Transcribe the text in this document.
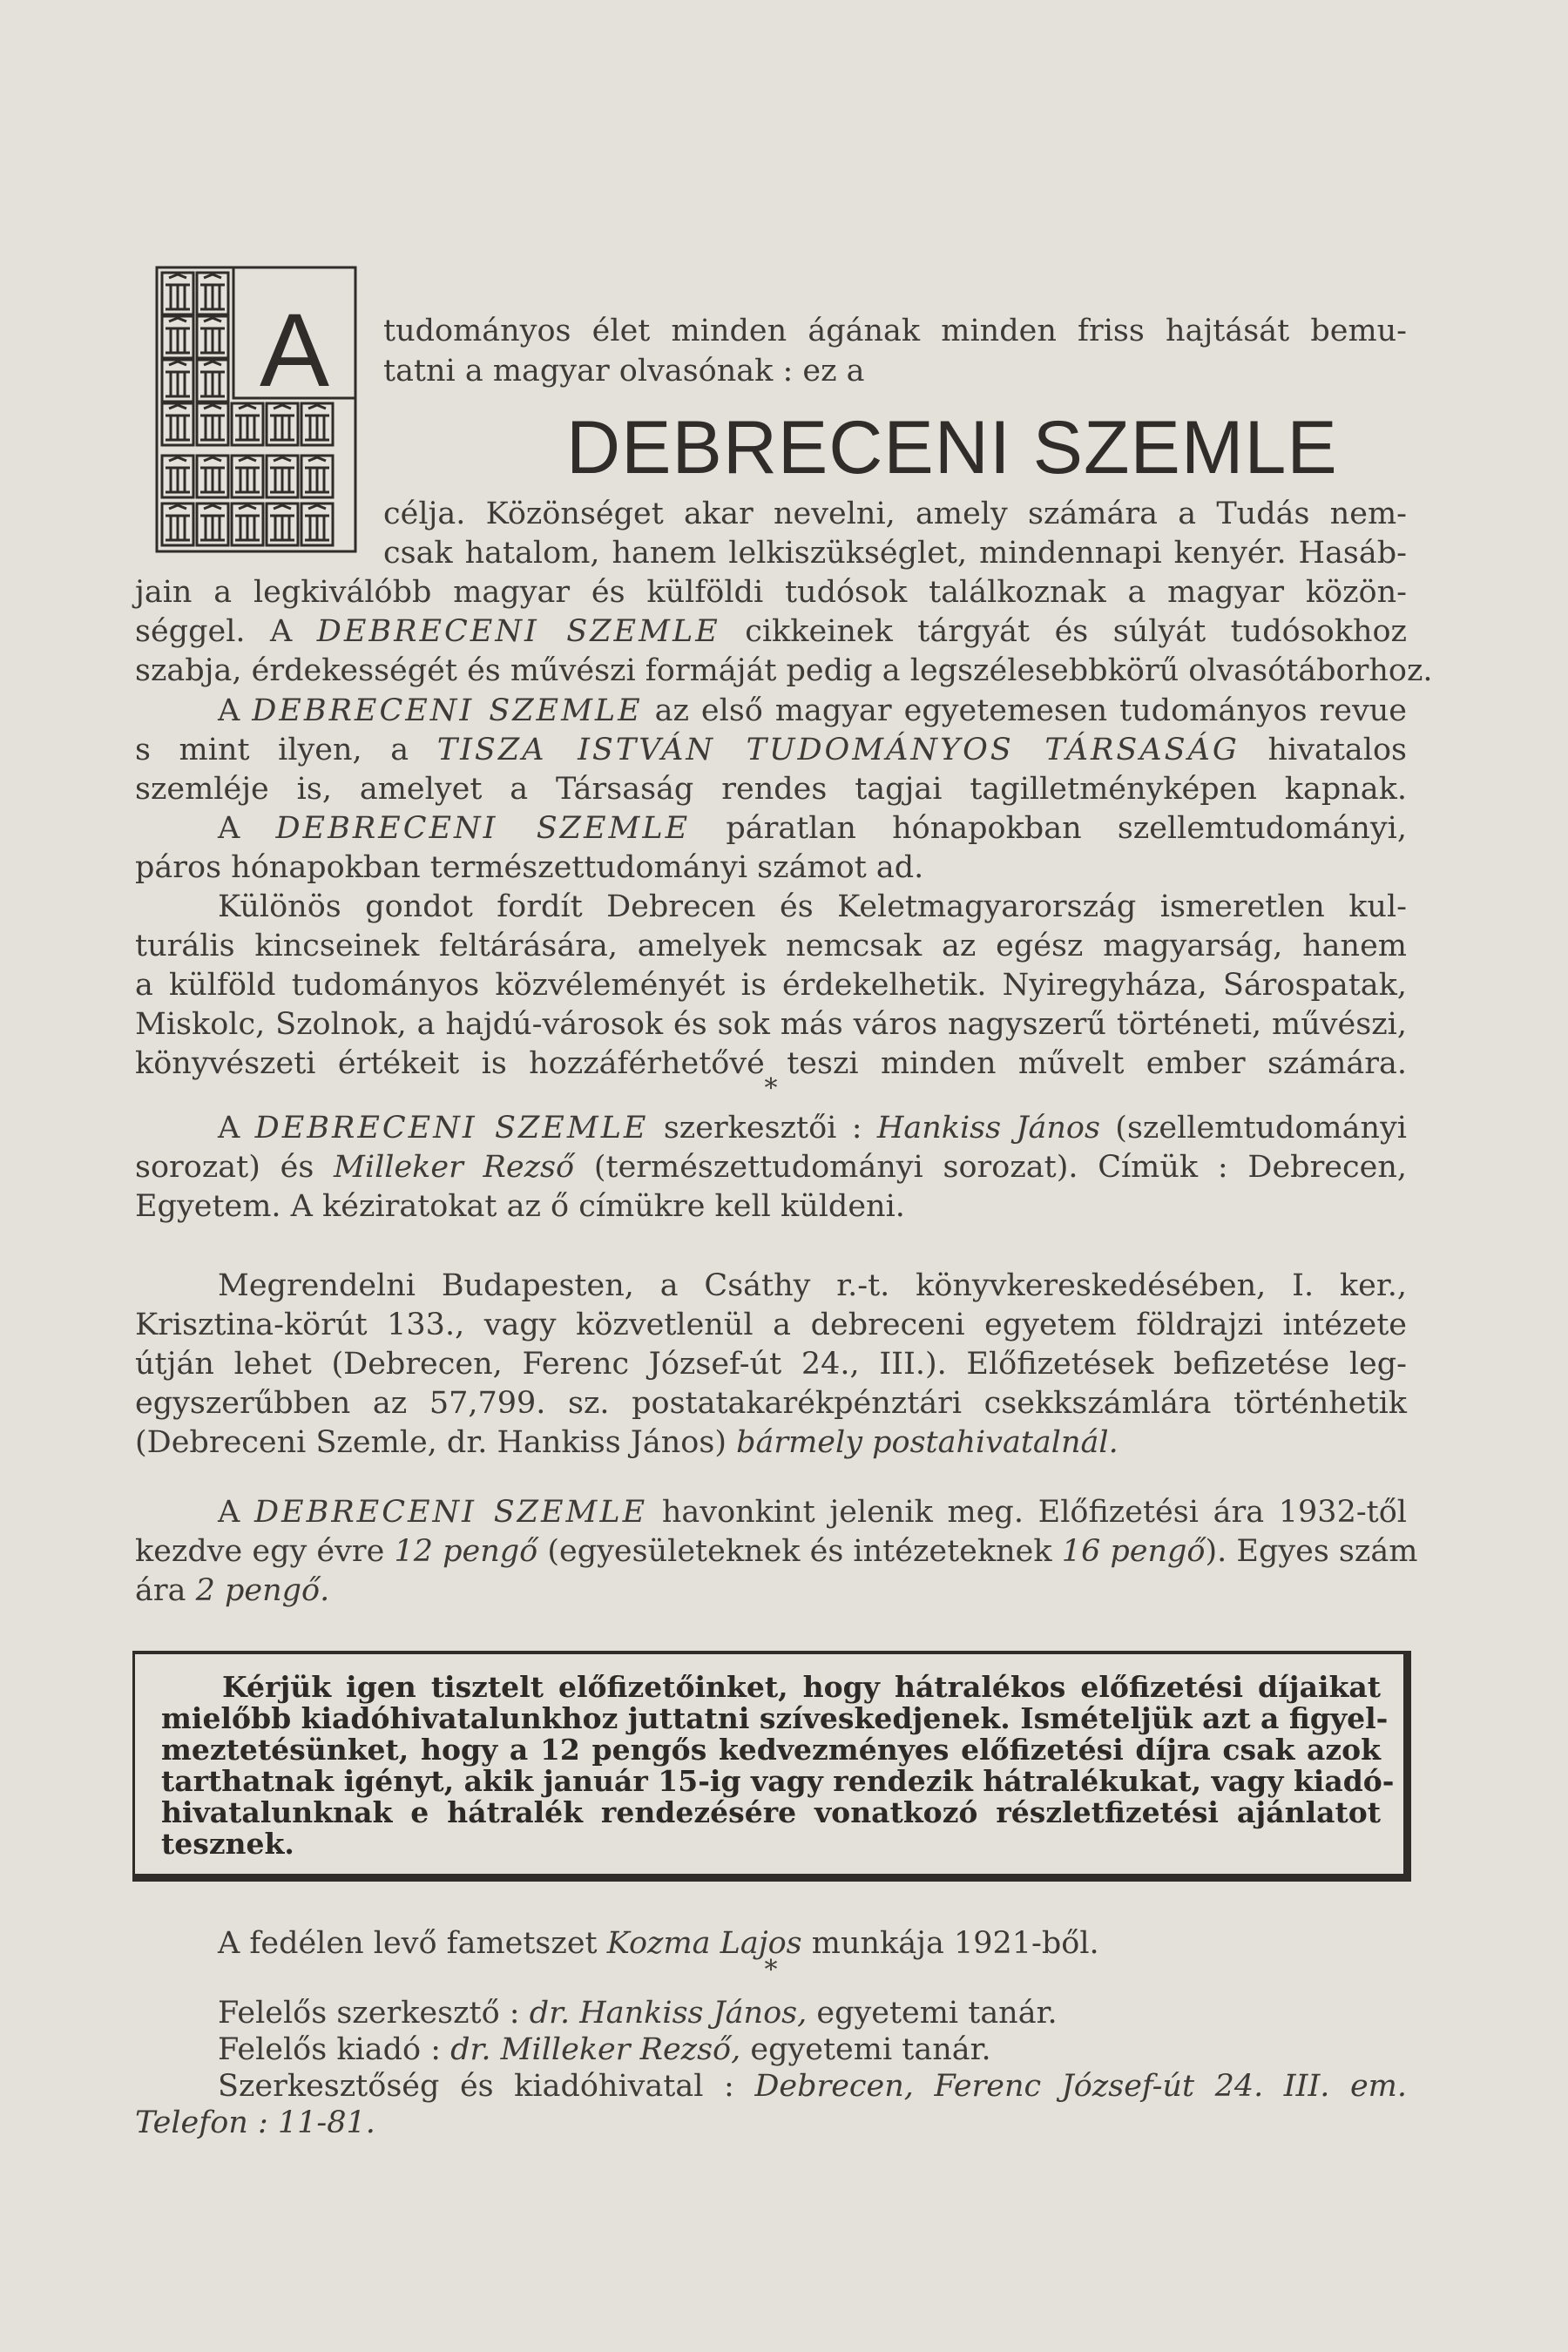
A
DEBRECENI SZEMLE
tudományos élet minden ágának minden friss hajtását bemu-
tatni a magyar olvasónak : ez a
célja. Közönséget akar nevelni, amely számára a Tudás nem-
csak hatalom, hanem lelkiszükséglet, mindennapi kenyér. Hasáb-
jain a legkiválóbb magyar és külföldi tudósok találkoznak a magyar közön-
séggel. A DEBRECENI SZEMLE cikkeinek tárgyát és súlyát tudósokhoz
szabja, érdekességét és művészi formáját pedig a legszélesebbkörű olvasótáborhoz.
A DEBRECENI SZEMLE az első magyar egyetemesen tudományos revue
s mint ilyen, a TISZA ISTVÁN TUDOMÁNYOS TÁRSASÁG hivatalos
szemléje is, amelyet a Társaság rendes tagjai tagilletményképen kapnak.
A DEBRECENI SZEMLE páratlan hónapokban szellemtudományi,
páros hónapokban természettudományi számot ad.
Különös gondot fordít Debrecen és Keletmagyarország ismeretlen kul-
turális kincseinek feltárására, amelyek nemcsak az egész magyarság, hanem
a külföld tudományos közvéleményét is érdekelhetik. Nyiregyháza, Sárospatak,
Miskolc, Szolnok, a hajdú-városok és sok más város nagyszerű történeti, művészi,
könyvészeti értékeit is hozzáférhetővé teszi minden művelt ember számára.
*
A DEBRECENI SZEMLE szerkesztői : Hankiss János (szellemtudományi
sorozat) és Milleker Rezső (természettudományi sorozat). Címük : Debrecen,
Egyetem. A kéziratokat az ő címükre kell küldeni.
Megrendelni Budapesten, a Csáthy r.-t. könyvkereskedésében, I. ker.,
Krisztina-körút 133., vagy közvetlenül a debreceni egyetem földrajzi intézete
útján lehet (Debrecen, Ferenc József-út 24., III.). Előfizetések befizetése leg-
egyszerűbben az 57,799. sz. postatakarékpénztári csekkszámlára történhetik
(Debreceni Szemle, dr. Hankiss János) bármely postahivatalnál.
A DEBRECENI SZEMLE havonkint jelenik meg. Előfizetési ára 1932-től
kezdve egy évre 12 pengő (egyesületeknek és intézeteknek 16 pengő). Egyes szám
ára 2 pengő.
Kérjük igen tisztelt előfizetőinket, hogy hátralékos előfizetési díjaikat
mielőbb kiadóhivatalunkhoz juttatni szíveskedjenek. Ismételjük azt a figyel-
meztetésünket, hogy a 12 pengős kedvezményes előfizetési díjra csak azok
tarthatnak igényt, akik január 15-ig vagy rendezik hátralékukat, vagy kiadó-
hivatalunknak e hátralék rendezésére vonatkozó részletfizetési ajánlatot
tesznek.
A fedélen levő fametszet Kozma Lajos munkája 1921-ből.
*
Felelős szerkesztő : dr. Hankiss János, egyetemi tanár.
Felelős kiadó : dr. Milleker Rezső, egyetemi tanár.
Szerkesztőség és kiadóhivatal : Debrecen, Ferenc József-út 24. III. em.
Telefon : 11-81.
